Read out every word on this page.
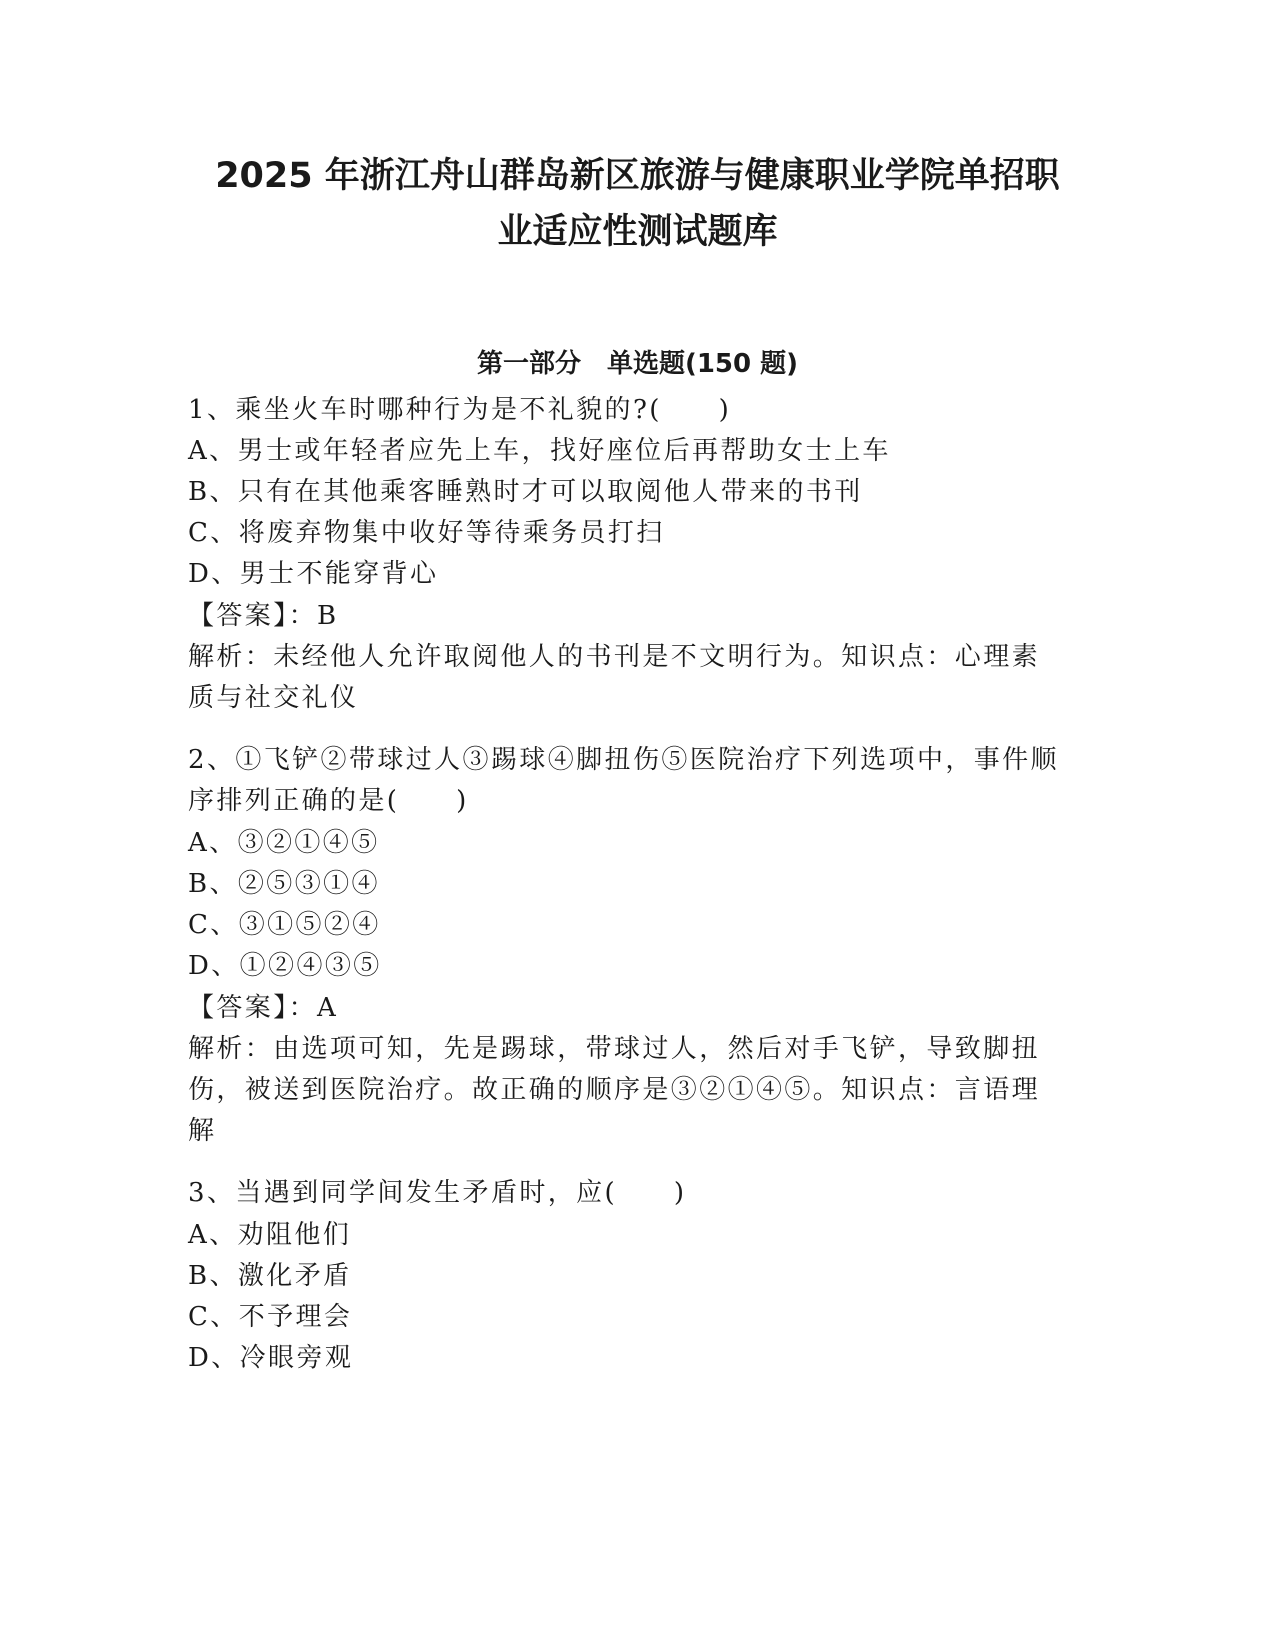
2025 年浙江舟山群岛新区旅游与健康职业学院单招职
业适应性测试题库
第一部分　单选题(150 题)

1、乘坐火车时哪种行为是不礼貌的?(　　)

A、男士或年轻者应先上车，找好座位后再帮助女士上车

B、只有在其他乘客睡熟时才可以取阅他人带来的书刊

C、将废弃物集中收好等待乘务员打扫

D、男士不能穿背心

【答案】：B

解析：未经他人允许取阅他人的书刊是不文明行为。知识点：心理素

质与社交礼仪

2、①飞铲②带球过人③踢球④脚扭伤⑤医院治疗下列选项中，事件顺

序排列正确的是(　　)

A、③②①④⑤

B、②⑤③①④

C、③①⑤②④

D、①②④③⑤

【答案】：A

解析：由选项可知，先是踢球，带球过人，然后对手飞铲，导致脚扭

伤，被送到医院治疗。故正确的顺序是③②①④⑤。知识点：言语理

解

3、当遇到同学间发生矛盾时，应(　　)

A、劝阻他们

B、激化矛盾

C、不予理会

D、冷眼旁观
